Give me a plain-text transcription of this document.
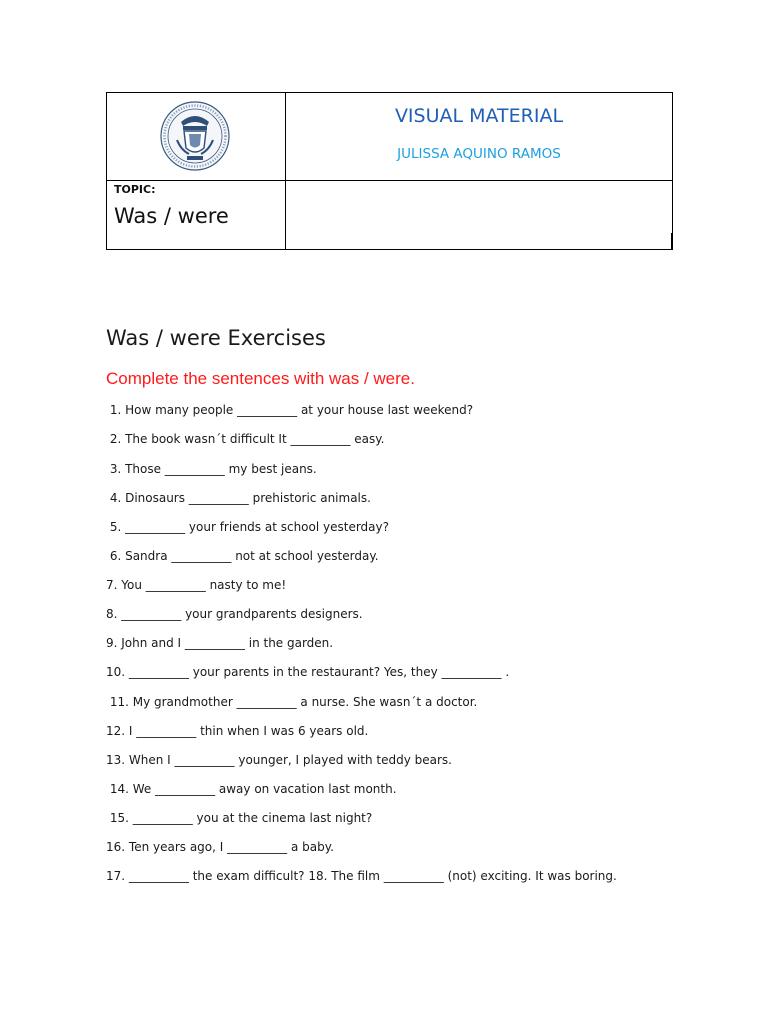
VISUAL MATERIAL
JULISSA AQUINO RAMOS
TOPIC:
Was / were
Was / were Exercises
Complete the sentences with was / were.
1. How many people __________ at your house last weekend?
2. The book wasn´t difficult It __________ easy.
3. Those __________ my best jeans.
4. Dinosaurs __________ prehistoric animals.
5. __________ your friends at school yesterday?
6. Sandra __________ not at school yesterday.
7. You __________ nasty to me!
8. __________ your grandparents designers.
9. John and I __________ in the garden.
10. __________ your parents in the restaurant? Yes, they __________ .
11. My grandmother __________ a nurse. She wasn´t a doctor.
12. I __________ thin when I was 6 years old.
13. When I __________ younger, I played with teddy bears.
14. We __________ away on vacation last month.
15. __________ you at the cinema last night?
16. Ten years ago, I __________ a baby.
17. __________ the exam difficult? 18. The film __________ (not) exciting. It was boring.
